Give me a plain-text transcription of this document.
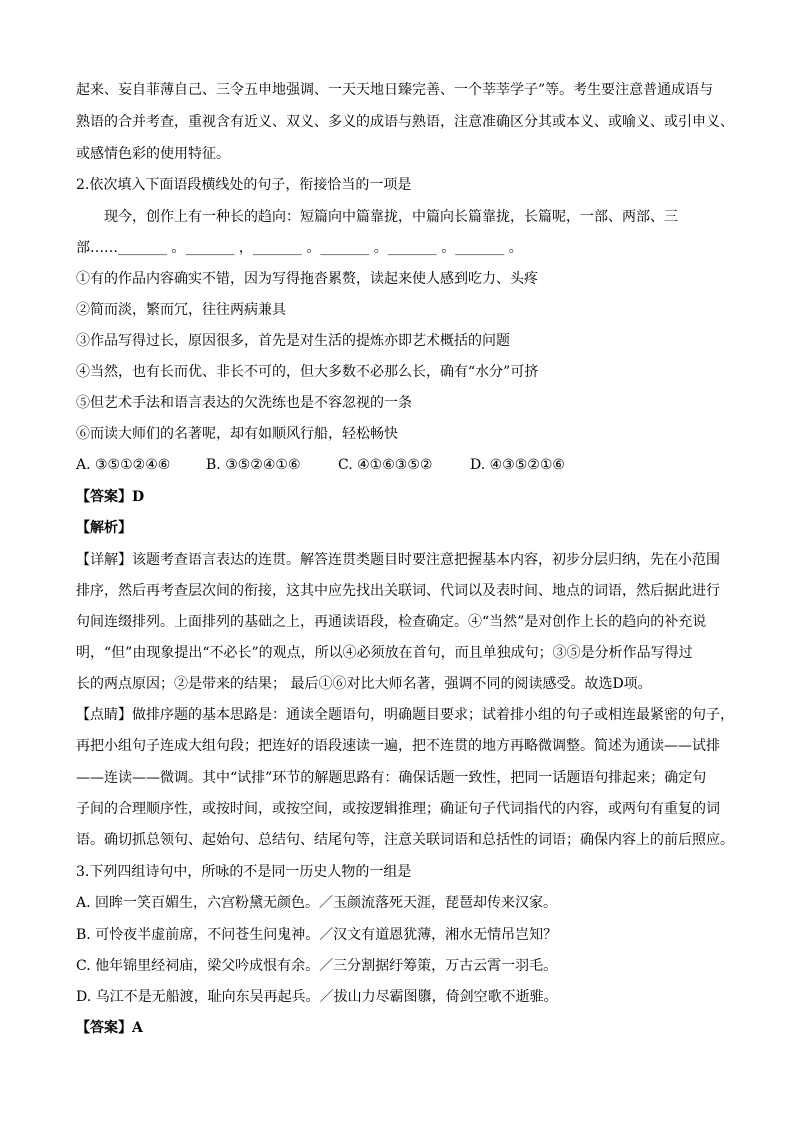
起来、妄自菲薄自己、三令五申地强调、一天天地日臻完善、一个莘莘学子”等。考生要注意普通成语与
熟语的合并考查，重视含有近义、双义、多义的成语与熟语，注意准确区分其或本义、或喻义、或引申义、
或感情色彩的使用特征。
2.依次填入下面语段横线处的句子，衔接恰当的一项是
现今，创作上有一种长的趋向：短篇向中篇靠拢，中篇向长篇靠拢，长篇呢，一部、两部、三
部……_______ 。_______ ，_______ 。_______ 。_______ 。_______ 。
①有的作品内容确实不错，因为写得拖沓累赘，读起来使人感到吃力、头疼
②简而淡，繁而冗，往往两病兼具
③作品写得过长，原因很多，首先是对生活的提炼亦即艺术概括的问题
④当然，也有长而优、非长不可的，但大多数不必那么长，确有“水分”可挤
⑤但艺术手法和语言表达的欠洗练也是不容忽视的一条
⑥而读大师们的名著呢，却有如顺风行船，轻松畅快
A. ③⑤①②④⑥	B. ③⑤②④①⑥	C. ④①⑥③⑤②	D. ④③⑤②①⑥
【答案】D
【解析】
【详解】该题考查语言表达的连贯。解答连贯类题目时要注意把握基本内容，初步分层归纳，先在小范围
排序，然后再考查层次间的衔接，这其中应先找出关联词、代词以及表时间、地点的词语，然后据此进行
句间连缀排列。上面排列的基础之上，再通读语段，检查确定。④“当然”是对创作上长的趋向的补充说
明，“但”由现象提出“不必长”的观点，所以④必须放在首句，而且单独成句；③⑤是分析作品写得过
长的两点原因；②是带来的结果； 最后①⑥对比大师名著，强调不同的阅读感受。故选D项。
【点睛】做排序题的基本思路是：通读全题语句，明确题目要求；试着排小组的句子或相连最紧密的句子，
再把小组句子连成大组句段；把连好的语段速读一遍，把不连贯的地方再略微调整。简述为通读——试排
——连读——微调。其中“试排”环节的解题思路有：确保话题一致性，把同一话题语句排起来；确定句
子间的合理顺序性，或按时间，或按空间，或按逻辑推理；确证句子代词指代的内容，或两句有重复的词
语。确切抓总领句、起始句、总结句、结尾句等，注意关联词语和总括性的词语；确保内容上的前后照应。
3.下列四组诗句中，所咏的不是同一历史人物的一组是
A. 回眸一笑百媚生，六宫粉黛无颜色。／玉颜流落死天涯，琵琶却传来汉家。
B. 可怜夜半虚前席，不问苍生问鬼神。／汉文有道恩犹薄，湘水无情吊岂知？
C. 他年锦里经祠庙，梁父吟成恨有余。／三分割据纡筹策，万古云霄一羽毛。
D. 乌江不是无船渡，耻向东吴再起兵。／拔山力尽霸图隳，倚剑空歌不逝骓。
【答案】A
